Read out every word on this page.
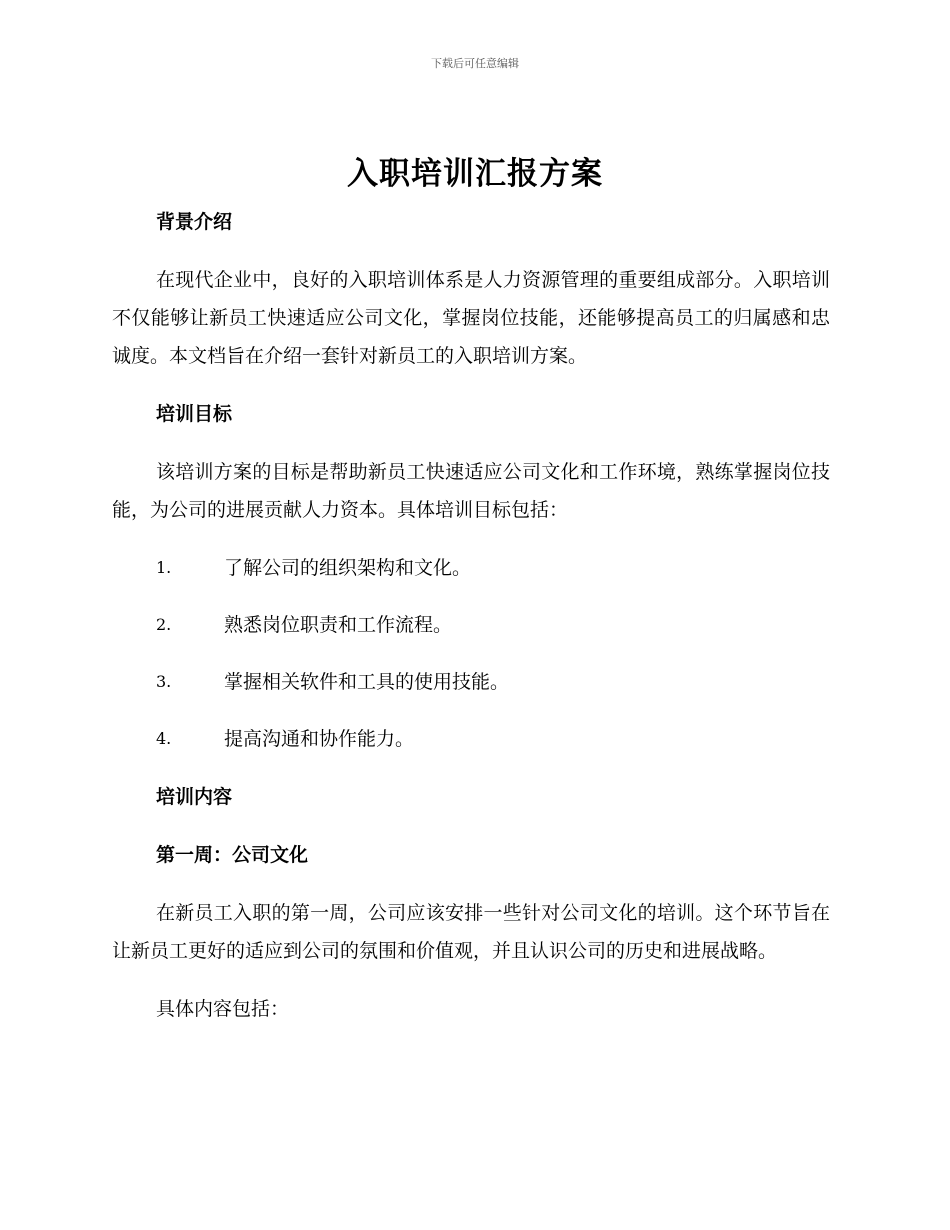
下载后可任意编辑
入职培训汇报方案

背景介绍

在现代企业中，良好的入职培训体系是人力资源管理的重要组成部分。入职培训不仅能够让新员工快速适应公司文化，掌握岗位技能，还能够提高员工的归属感和忠诚度。本文档旨在介绍一套针对新员工的入职培训方案。

培训目标

该培训方案的目标是帮助新员工快速适应公司文化和工作环境，熟练掌握岗位技能，为公司的进展贡献人力资本。具体培训目标包括：

1.	了解公司的组织架构和文化。
2.	熟悉岗位职责和工作流程。
3.	掌握相关软件和工具的使用技能。
4.	提高沟通和协作能力。

培训内容

第一周：公司文化

在新员工入职的第一周，公司应该安排一些针对公司文化的培训。这个环节旨在让新员工更好的适应到公司的氛围和价值观，并且认识公司的历史和进展战略。

具体内容包括：
